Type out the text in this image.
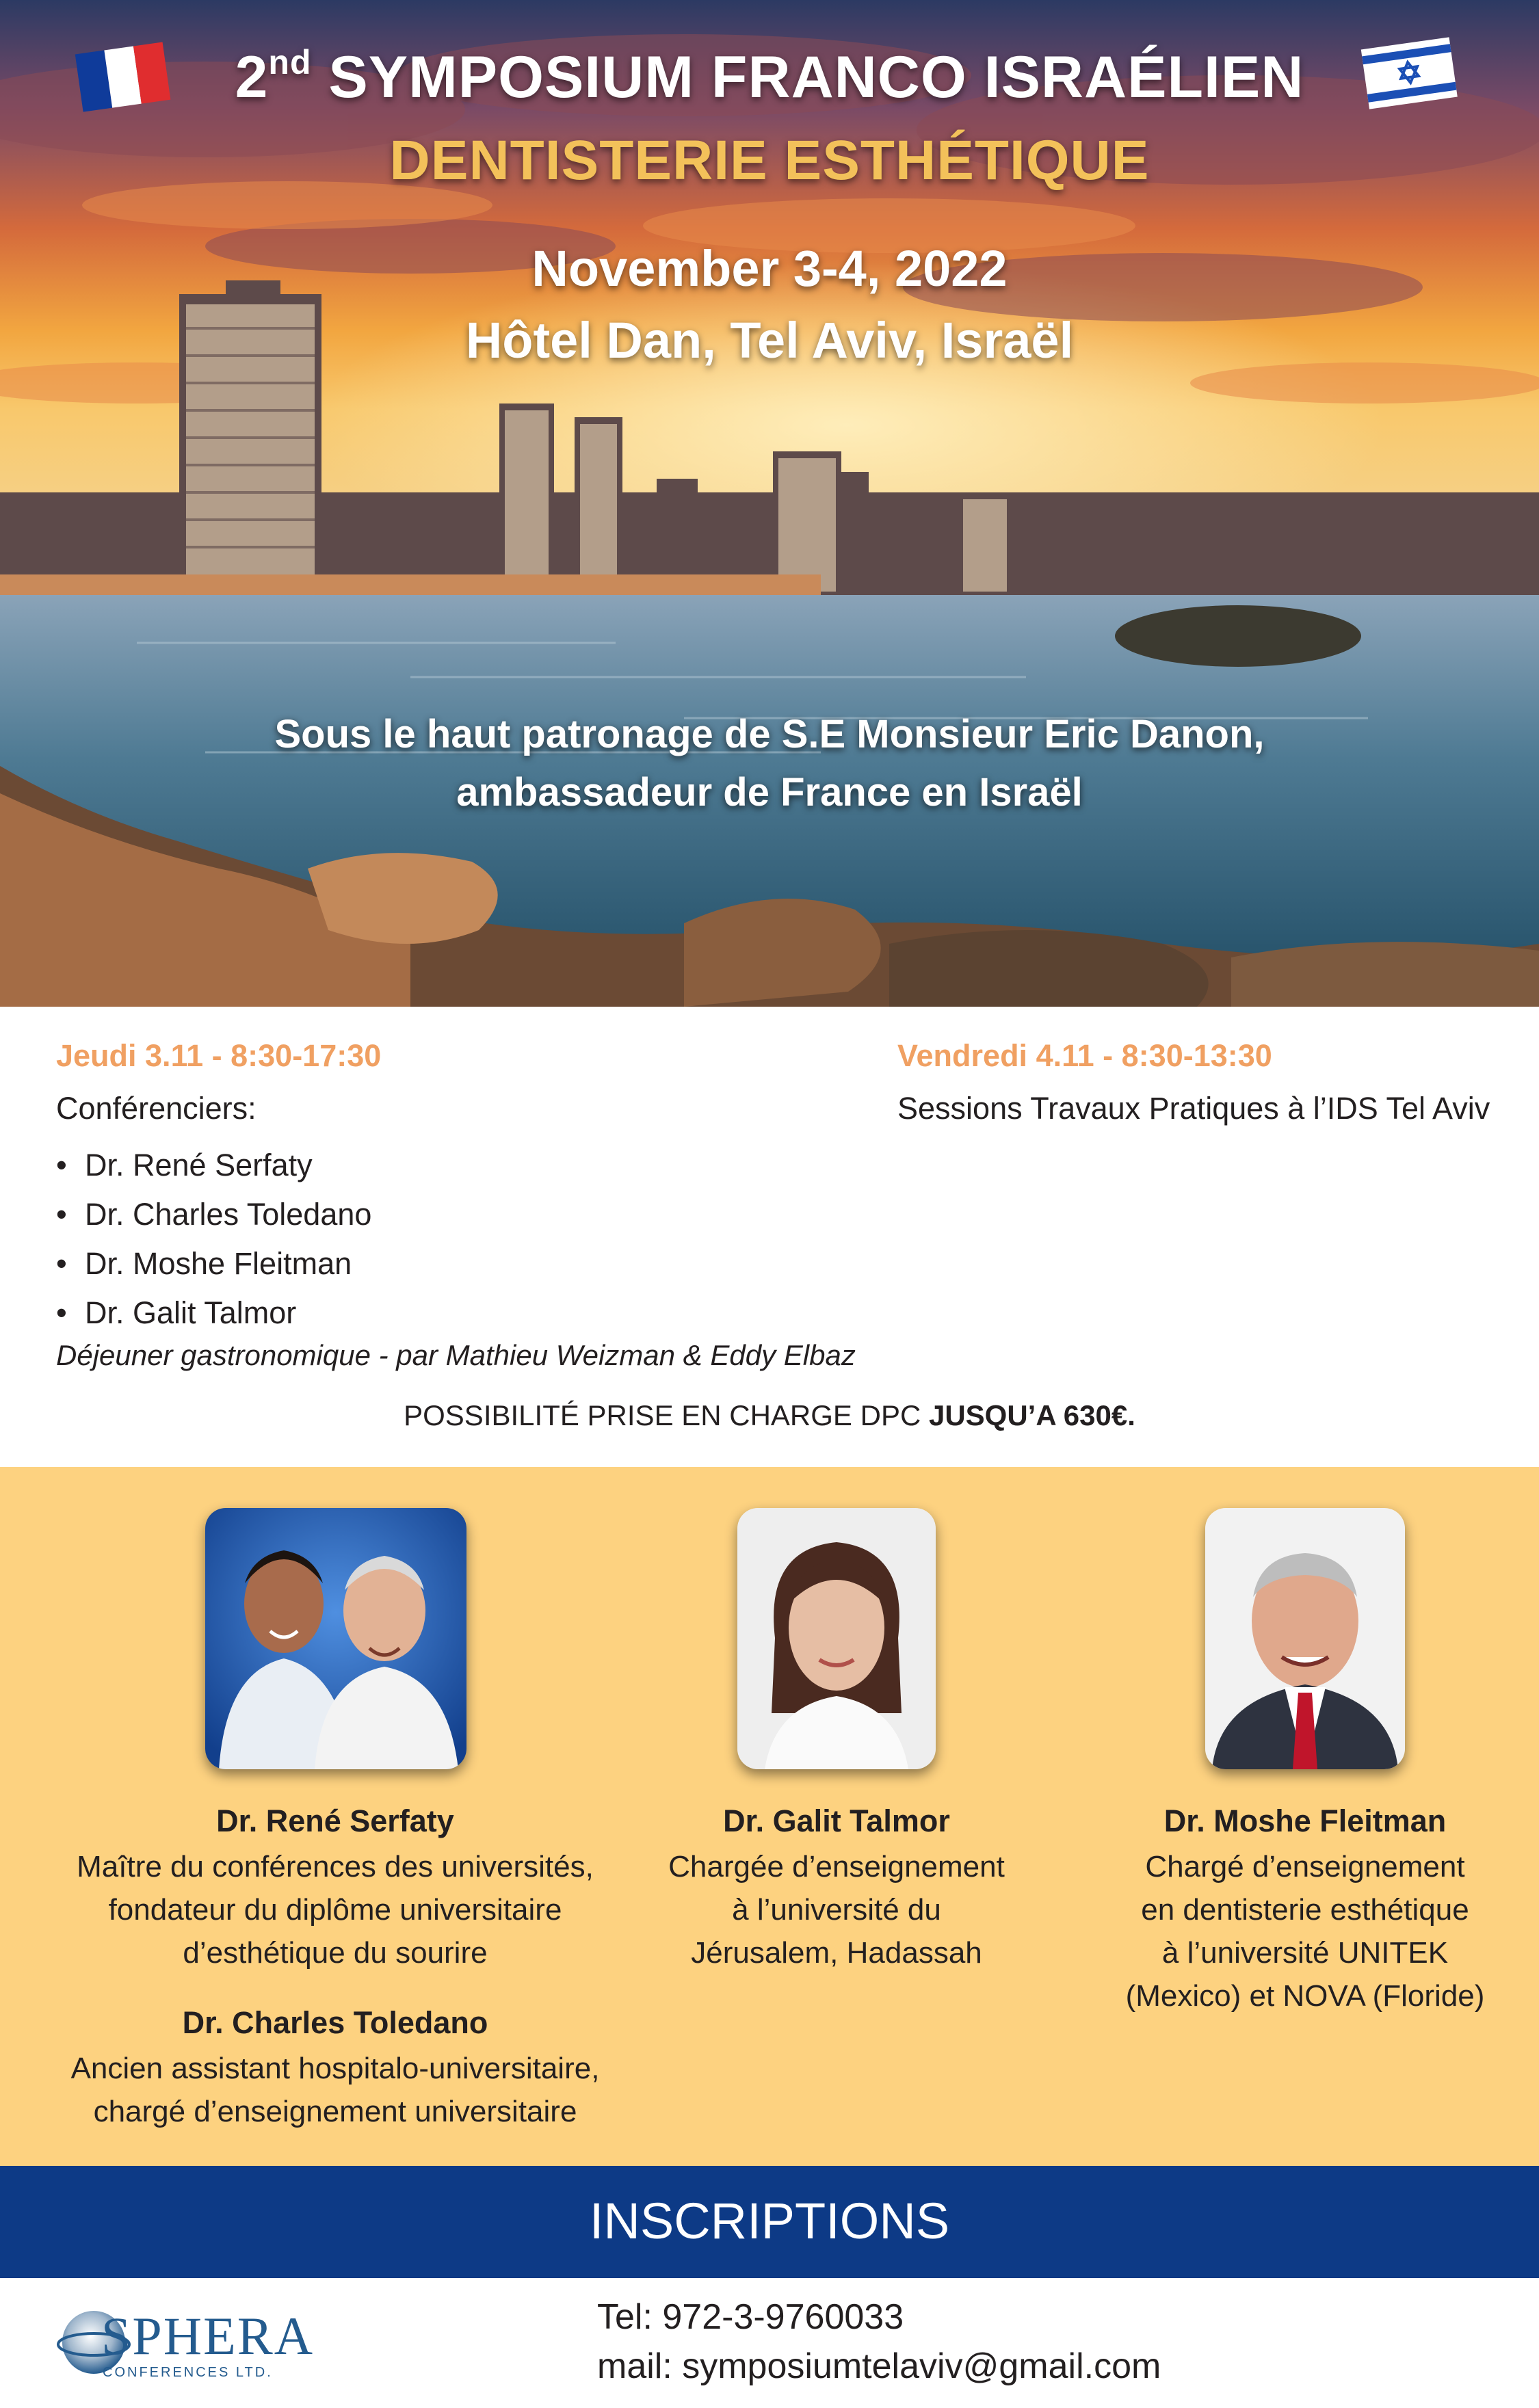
2nd SYMPOSIUM FRANCO ISRAÉLIEN
DENTISTERIE ESTHÉTIQUE
November 3-4, 2022
Hôtel Dan, Tel Aviv, Israël
Sous le haut patronage de S.E Monsieur Eric Danon,
ambassadeur de France en Israël
Jeudi 3.11 - 8:30-17:30
Conférenciers:
• Dr. René Serfaty
• Dr. Charles Toledano
• Dr. Moshe Fleitman
• Dr. Galit Talmor
Déjeuner gastronomique - par Mathieu Weizman & Eddy Elbaz
Vendredi 4.11 - 8:30-13:30
Sessions Travaux Pratiques à l’IDS Tel Aviv
POSSIBILITÉ PRISE EN CHARGE DPC JUSQU’A 630€.
Dr. René Serfaty
Maître du conférences des universités,
fondateur du diplôme universitaire
d’esthétique du sourire
Dr. Charles Toledano
Ancien assistant hospitalo-universitaire,
chargé d’enseignement universitaire
Dr. Galit Talmor
Chargée d’enseignement
à l’université du
Jérusalem, Hadassah
Dr. Moshe Fleitman
Chargé d’enseignement
en dentisterie esthétique
à l’université UNITEK
(Mexico) et NOVA (Floride)
INSCRIPTIONS
SPHERA
CONFERENCES LTD.
Tel: 972-3-9760033
mail: symposiumtelaviv@gmail.com
